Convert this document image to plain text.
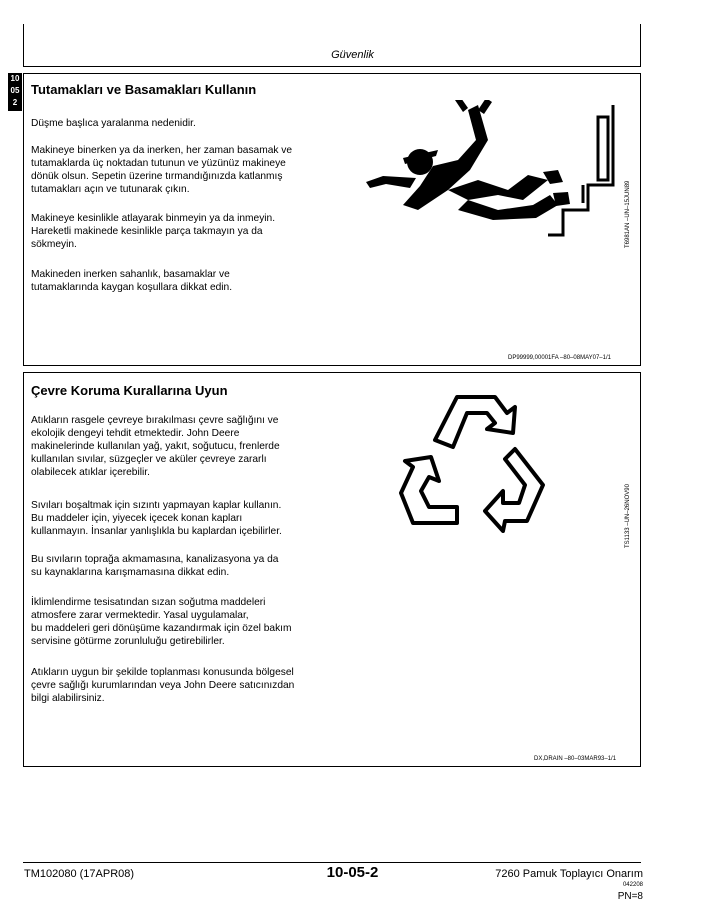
Güvenlik
10
05
2
Tutamakları ve Basamakları Kullanın
Düşme başlıca yaralanma nedenidir.
Makineye binerken ya da inerken, her zaman basamak ve
tutamaklarda üç noktadan tutunun ve yüzünüz makineye
dönük olsun. Sepetin üzerine tırmandığınızda katlanmış
tutamakları açın ve tutunarak çıkın.
Makineye kesinlikle atlayarak binmeyin ya da inmeyin.
Hareketli makinede kesinlikle parça takmayın ya da
sökmeyin.
Makineden inerken sahanlık, basamaklar ve
tutamaklarında kaygan koşullara dikkat edin.
T6981AN –UN–15JUN89
DP99999,00001FA –80–08MAY07–1/1
Çevre Koruma Kurallarına Uyun
Atıkların rasgele çevreye bırakılması çevre sağlığını ve
ekolojik dengeyi tehdit etmektedir. John Deere
makinelerinde kullanılan yağ, yakıt, soğutucu, frenlerde
kullanılan sıvılar, süzgeçler ve aküler çevreye zararlı
olabilecek atıklar içerebilir.
Sıvıları boşaltmak için sızıntı yapmayan kaplar kullanın.
Bu maddeler için, yiyecek içecek konan kapları
kullanmayın. İnsanlar yanlışlıkla bu kaplardan içebilirler.
Bu sıvıların toprağa akmamasına, kanalizasyona ya da
su kaynaklarına karışmamasına dikkat edin.
İklimlendirme tesisatından sızan soğutma maddeleri
atmosfere zarar vermektedir. Yasal uygulamalar,
bu maddeleri geri dönüşüme kazandırmak için özel bakım
servisine götürme zorunluluğu getirebilirler.
Atıkların uygun bir şekilde toplanması konusunda bölgesel
çevre sağlığı kurumlarından veya John Deere satıcınızdan
bilgi alabilirsiniz.
TS1133 –UN–26NOV90
DX,DRAIN –80–03MAR93–1/1
TM102080 (17APR08)	10-05-2	7260 Pamuk Toplayıcı Onarım
042208
PN=8
